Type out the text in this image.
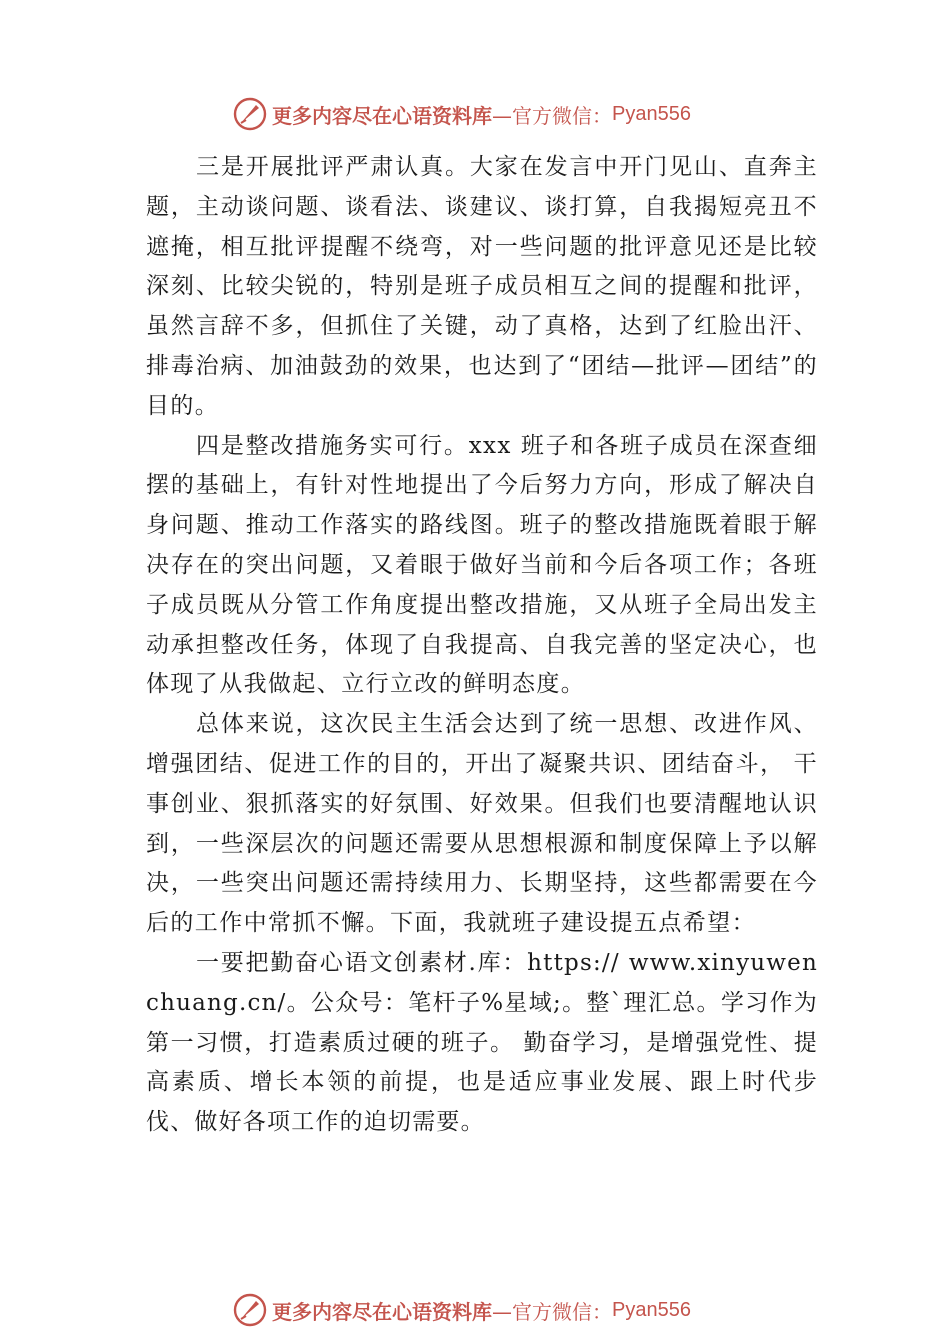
更多内容尽在心语资料库 —官方微信： Pyan556

三是开展批评严肃认真。大家在发言中开门见山、直奔主题，主动谈问题、谈看法、谈建议、谈打算，自我揭短亮丑不遮掩，相互批评提醒不绕弯，对一些问题的批评意见还是比较深刻、比较尖锐的，特别是班子成员相互之间的提醒和批评，虽然言辞不多，但抓住了关键，动了真格，达到了红脸出汗、排毒治病、加油鼓劲的效果，也达到了“团结—批评—团结”的目的。

四是整改措施务实可行。xxx 班子和各班子成员在深查细摆的基础上，有针对性地提出了今后努力方向，形成了解决自身问题、推动工作落实的路线图。班子的整改措施既着眼于解决存在的突出问题，又着眼于做好当前和今后各项工作；各班子成员既从分管工作角度提出整改措施，又从班子全局出发主动承担整改任务，体现了自我提高、自我完善的坚定决心，也体现了从我做起、立行立改的鲜明态度。

总体来说，这次民主生活会达到了统一思想、改进作风、增强团结、促进工作的目的，开出了凝聚共识、团结奋斗， 干事创业、狠抓落实的好氛围、好效果。但我们也要清醒地认识到，一些深层次的问题还需要从思想根源和制度保障上予以解决，一些突出问题还需持续用力、长期坚持，这些都需要在今后的工作中常抓不懈。下面，我就班子建设提五点希望：

一要把勤奋心语文创素材.库：https:// www.xinyuwenchuang.cn/。公众号：笔杆子%星域;。整`理汇总。学习作为第一习惯，打造素质过硬的班子。 勤奋学习，是增强党性、提高素质、增长本领的前提，也是适应事业发展、跟上时代步伐、做好各项工作的迫切需要。

更多内容尽在心语资料库 —官方微信： Pyan556
